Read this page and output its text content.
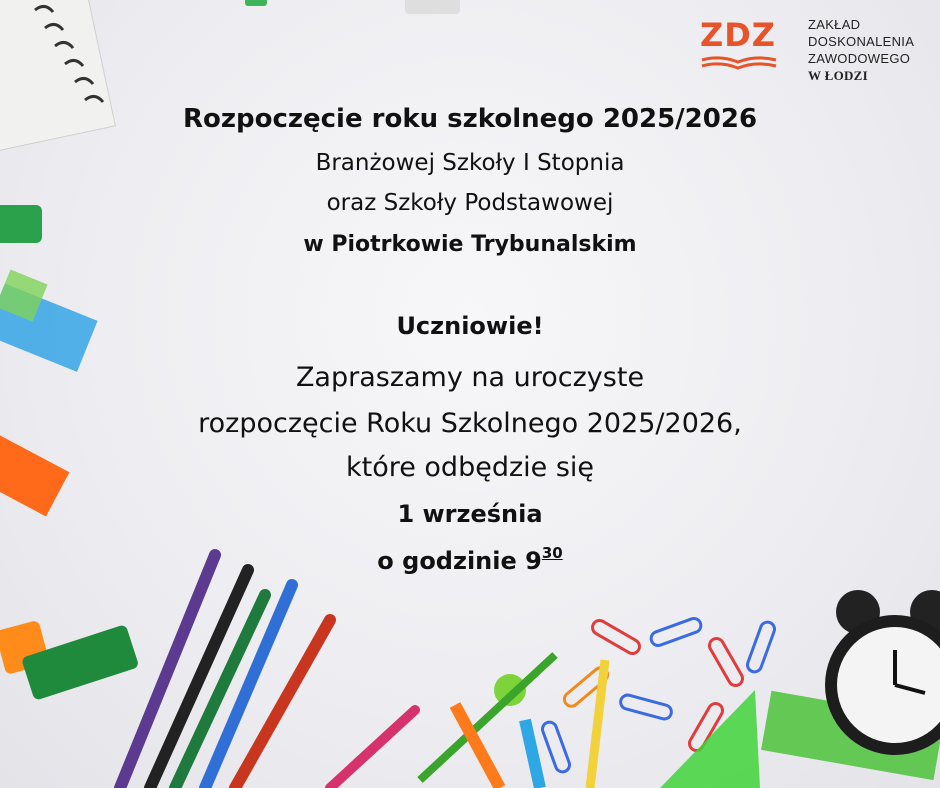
ZDZ ZAKŁAD
DOSKONALENIA
ZAWODOWEGO
W ŁODZI
Rozpoczęcie roku szkolnego 2025/2026
Branżowej Szkoły I Stopnia
oraz Szkoły Podstawowej
w Piotrkowie Trybunalskim
Uczniowie!
Zapraszamy na uroczyste
rozpoczęcie Roku Szkolnego 2025/2026,
które odbędzie się
1 września
o godzinie $9^{30}$
